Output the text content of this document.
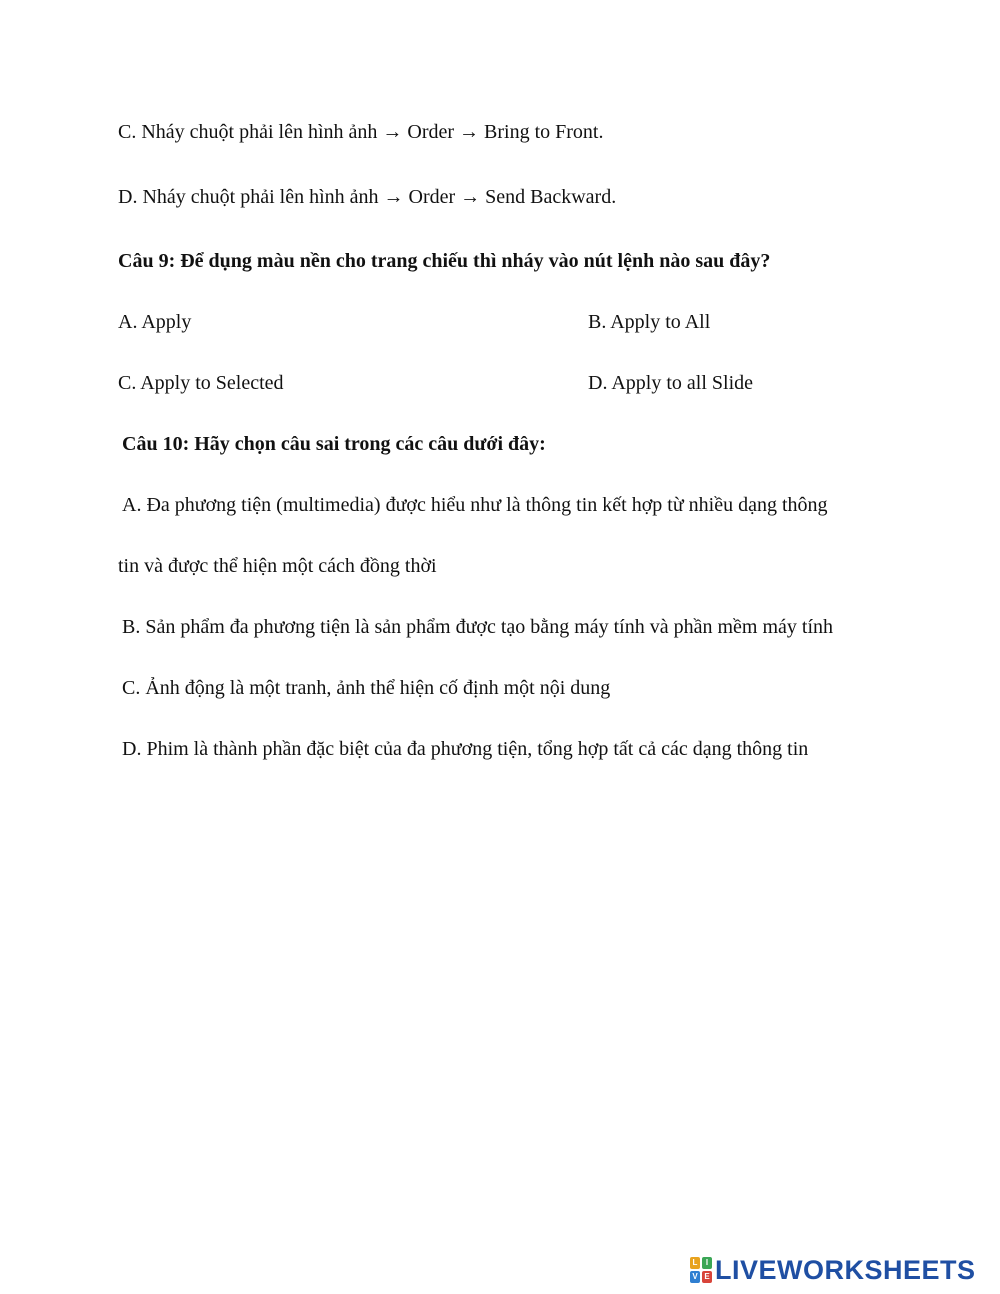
C. Nháy chuột phải lên hình ảnh → Order → Bring to Front.
D. Nháy chuột phải lên hình ảnh → Order → Send Backward.
Câu 9: Để dụng màu nền cho trang chiếu thì nháy vào nút lệnh nào sau đây?
A. Apply	B. Apply to All
C. Apply to Selected	D. Apply to all Slide
Câu 10: Hãy chọn câu sai trong các câu dưới đây:
A. Đa phương tiện (multimedia) được hiểu như là thông tin kết hợp từ nhiều dạng thông
tin và được thể hiện một cách đồng thời
B. Sản phẩm đa phương tiện là sản phẩm được tạo bằng máy tính và phần mềm máy tính
C. Ảnh động là một tranh, ảnh thể hiện cố định một nội dung
D. Phim là thành phần đặc biệt của đa phương tiện, tổng hợp tất cả các dạng thông tin
L	I
V E LIVEWORKSHEETS
